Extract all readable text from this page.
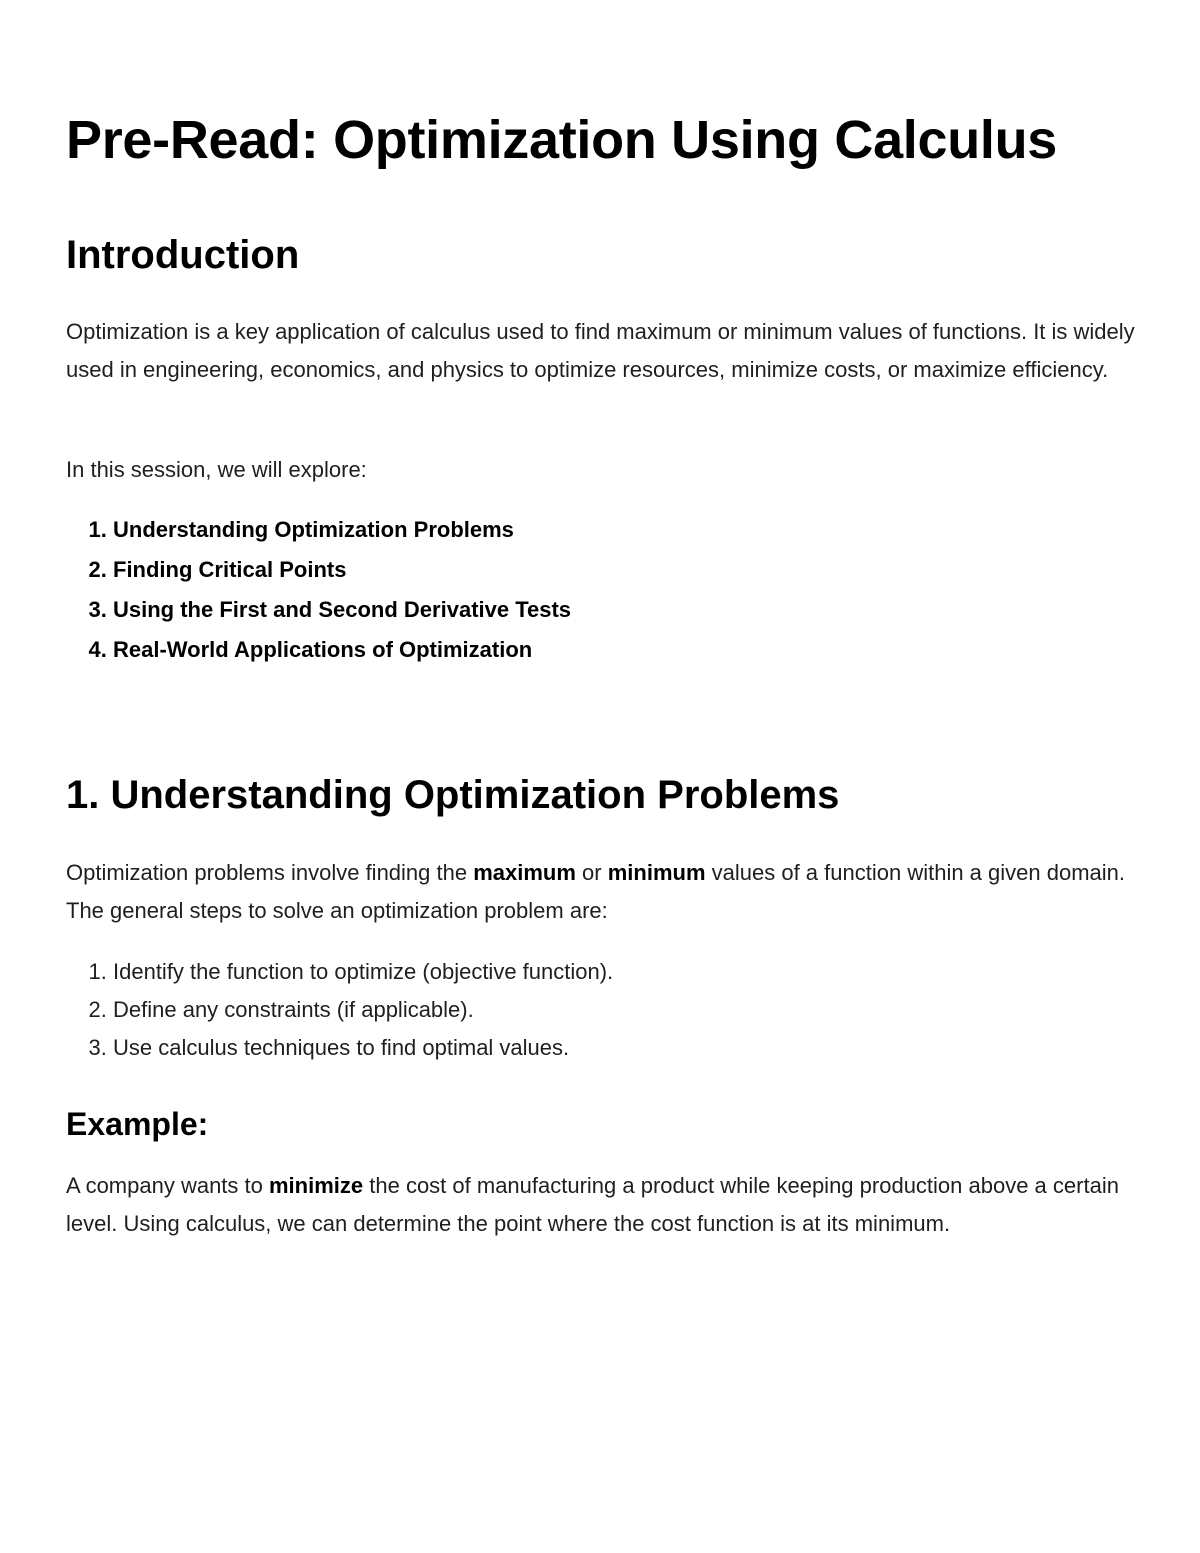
Pre-Read: Optimization Using Calculus
Introduction

Optimization is a key application of calculus used to find maximum or minimum values of functions. It is widely used in engineering, economics, and physics to optimize resources, minimize costs, or maximize efficiency.

In this session, we will explore:

1. Understanding Optimization Problems
2. Finding Critical Points
3. Using the First and Second Derivative Tests
4. Real-World Applications of Optimization
1. Understanding Optimization Problems

Optimization problems involve finding the maximum or minimum values of a function within a given domain. The general steps to solve an optimization problem are:

1. Identify the function to optimize (objective function).
2. Define any constraints (if applicable).
3. Use calculus techniques to find optimal values.
Example:

A company wants to minimize the cost of manufacturing a product while keeping production above a certain level. Using calculus, we can determine the point where the cost function is at its minimum.
